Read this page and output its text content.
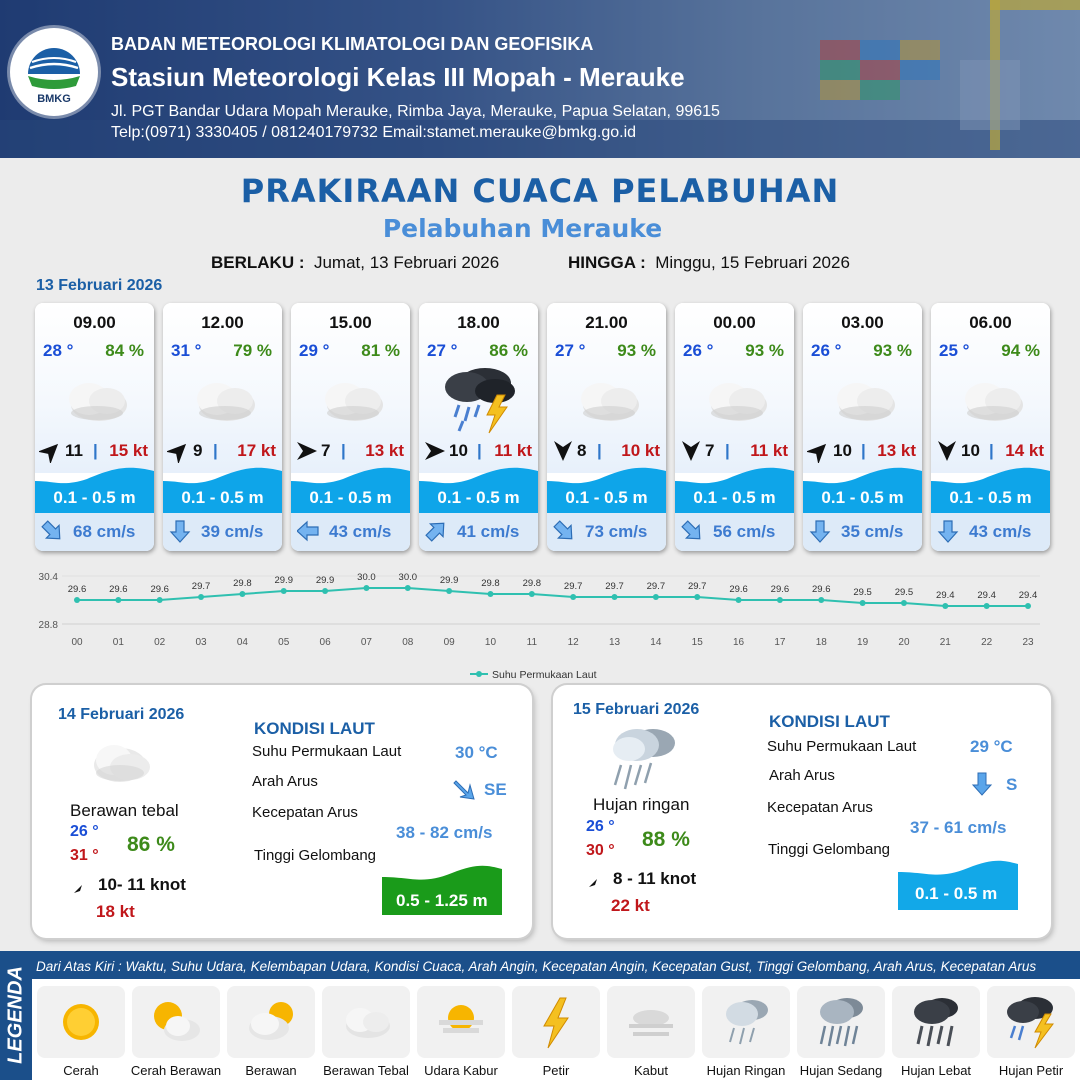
BMKG
BADAN METEOROLOGI KLIMATOLOGI DAN GEOFISIKA
Stasiun Meteorologi Kelas III Mopah - Merauke
Jl. PGT Bandar Udara Mopah Merauke, Rimba Jaya, Merauke, Papua Selatan, 99615
Telp:(0971) 3330405 / 081240179732 Email:stamet.merauke@bmkg.go.id
PRAKIRAAN CUACA PELABUHAN
Pelabuhan Merauke
BERLAKU : Jumat, 13 Februari 2026	HINGGA : Minggu, 15 Februari 2026
13 Februari 2026
09.00
28 ° 84 %
11 | 15 kt
0.1 - 0.5 m
68 cm/s
12.00
31 ° 79 %
9 | 17 kt
0.1 - 0.5 m
39 cm/s
15.00
29 ° 81 %
7 | 13 kt
0.1 - 0.5 m
43 cm/s
18.00
27 ° 86 %
10 | 11 kt
0.1 - 0.5 m
41 cm/s
21.00
27 ° 93 %
8 | 10 kt
0.1 - 0.5 m
73 cm/s
00.00
26 ° 93 %
7 | 11 kt
0.1 - 0.5 m
56 cm/s
03.00
26 ° 93 %
10 | 13 kt
0.1 - 0.5 m
35 cm/s
06.00
25 ° 94 %
10 | 14 kt
0.1 - 0.5 m
43 cm/s
30.4
28.8
29.6
00
29.6
01
29.6
02
29.7
03
29.8
04
29.9
05
29.9
06
30.0
07
30.0
08
29.9
09
29.8
10
29.8
11
29.7
12
29.7
13
29.7
14
29.7
15
29.6
16
29.6
17
29.6
18
29.5
19
29.5
20
29.4
21
29.4
22
29.4
23
Suhu Permukaan Laut
14 Februari 2026
Berawan tebal
26 °
31 ° 86 %
10- 11 knot
18 kt
KONDISI LAUT
Suhu Permukaan Laut	30 °C
Arah Arus	SE
Kecepatan Arus
38 - 82 cm/s
Tinggi Gelombang
0.5 - 1.25 m
15 Februari 2026
Hujan ringan
26 °
30 ° 88 %
8 - 11 knot
22 kt
KONDISI LAUT
Suhu Permukaan Laut	29 °C
Arah Arus	S
Kecepatan Arus
37 - 61 cm/s
Tinggi Gelombang
0.1 - 0.5 m
LEGENDA Dari Atas Kiri : Waktu, Suhu Udara, Kelembapan Udara, Kondisi Cuaca, Arah Angin, Kecepatan Angin, Kecepatan Gust, Tinggi Gelombang, Arah Arus, Kecepatan Arus
Cerah	Cerah Berawan	Berawan	Berawan Tebal	Udara Kabur	Petir	Kabut	Hujan Ringan	Hujan Sedang	Hujan Lebat	Hujan Petir
